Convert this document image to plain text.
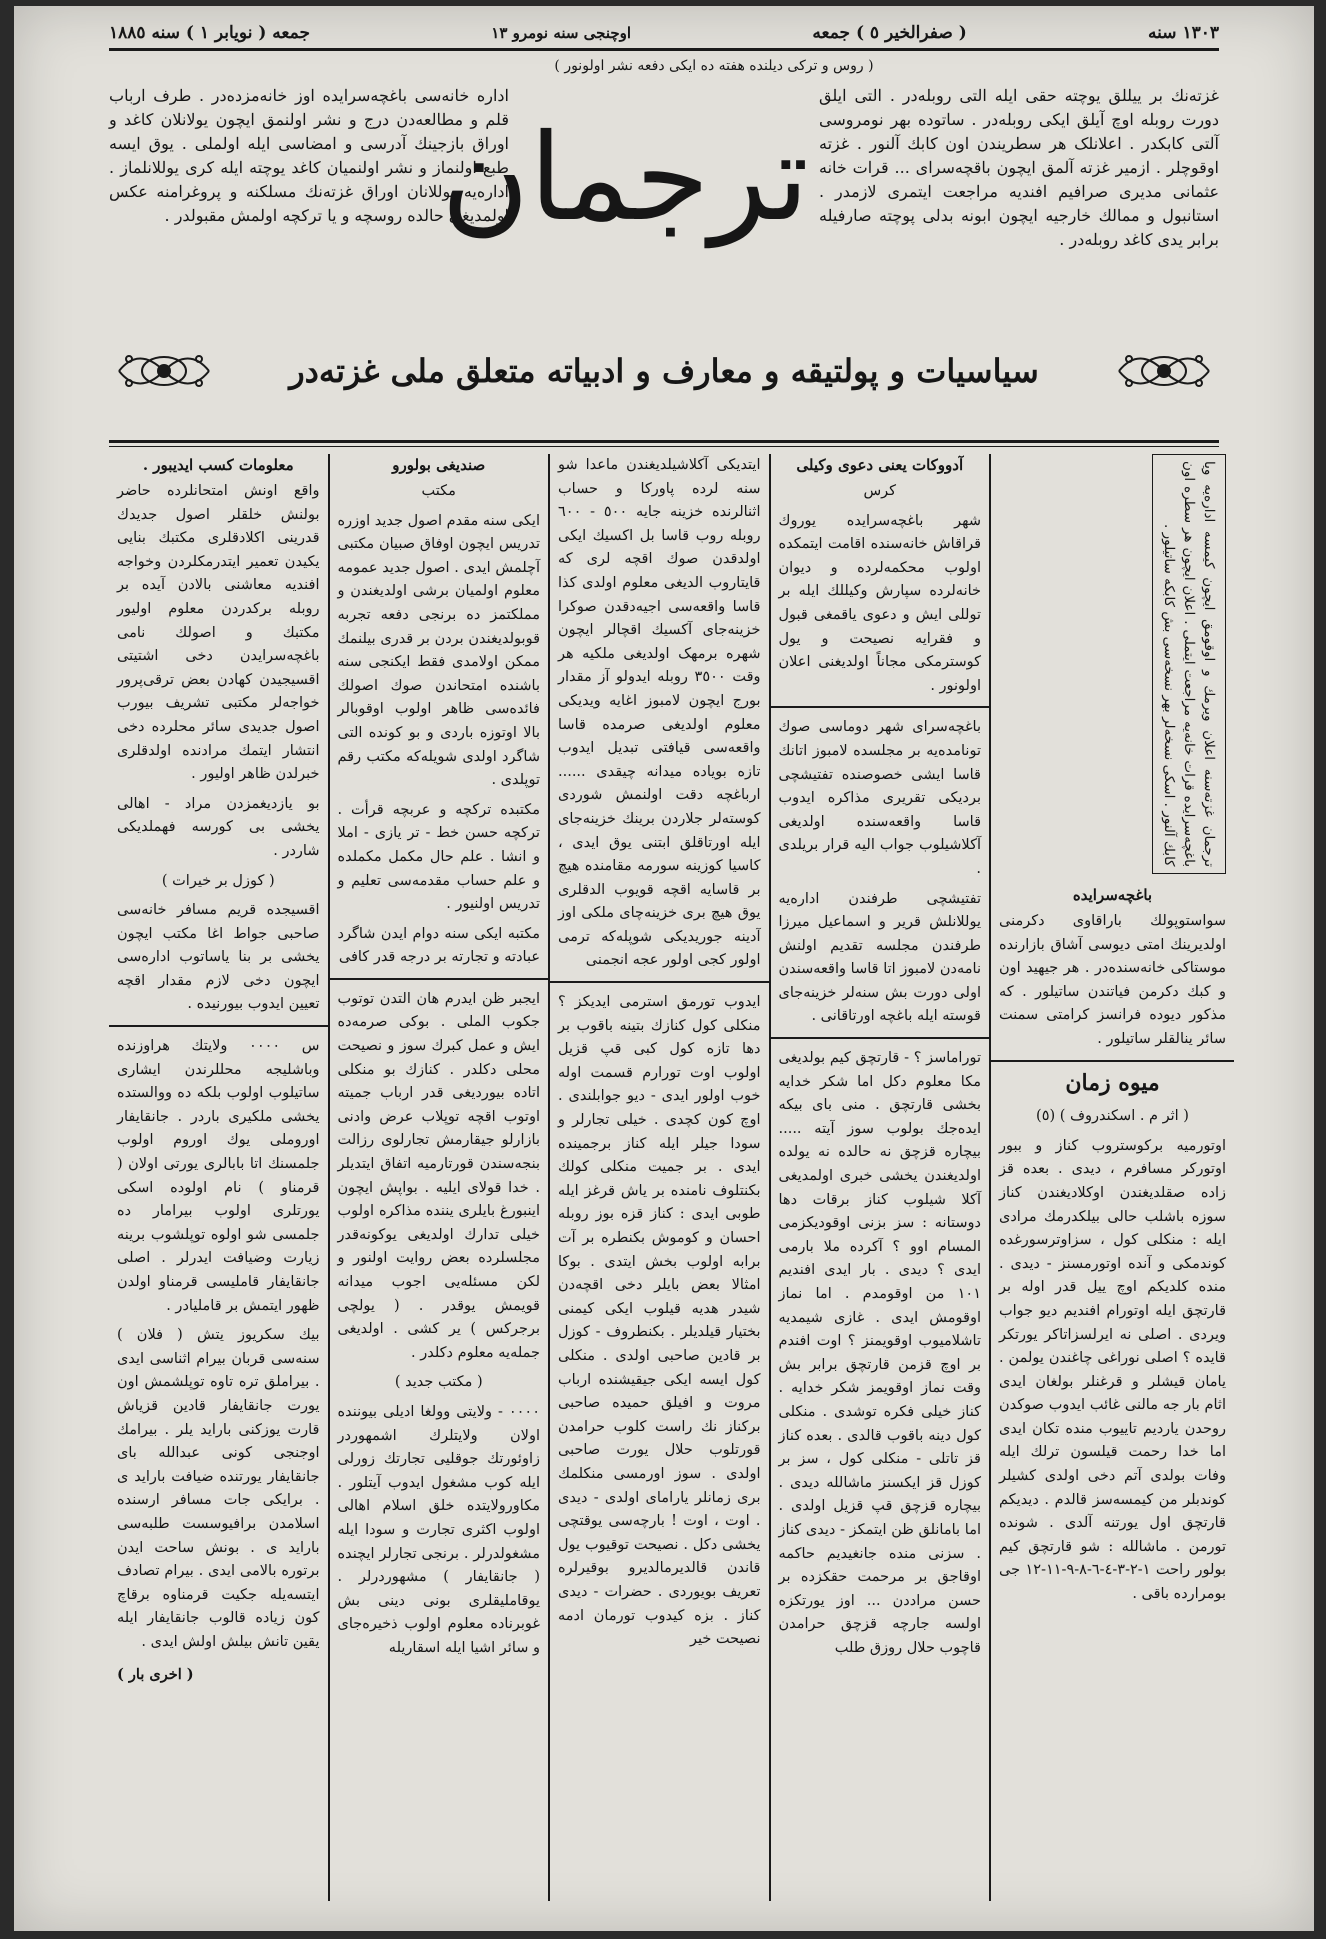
١٣٠٣ سنه
( صفرالخير ٥ ) جمعه
اوچنجی سنه نومرو ١٣
جمعه ( نويابر ١ ) سنه ١٨٨٥
( روس و ترکی دیلنده هفته ده ایکی دفعه نشر اولونور )
غزته‌نك بر ییللق یوچته حقی ایله التی روبله‌در . التی ایلق دورت روبله اوچ آیلق ایکی روبله‌در . ساتوده بهر نومروسی آلتی کابکدر . اعلانلک هر سطریندن اون کابك آلنور . غزته اوقوچلر . ازمیر غزته آلمق ایچون باقچه‌سرای ... قرات خانه عثمانی مدیری صرافیم افندیه مراجعت ایتمری لازمدر . استانبول و ممالك خارجیه ایچون ابونه بدلی پوچته صارفیله برابر یدی کاغد روبله‌در .
ترجمان
اداره خانه‌سی باغچه‌سرایده اوز خانه‌مزده‌در . طرف ارباب قلم و مطالعه‌دن درج و نشر اولنمق ایچون یولانلان کاغد و اوراق بازجینك آدرسی و امضاسی ایله اولملی . یوق ایسه طبع اولنماز و نشر اولنمیان کاغد یوچته ایله کری یوللانلماز . اداره‌یه یوللانان اوراق غزته‌نك مسلکنه و پروغرامنه عکس اولمدیغی حالده روسچه و یا ترکچه اولمش مقبولدر .
سیاسیات و پولتیقه و معارف و ادبیاته متعلق ملی غزته‌در
ترجمان غزته‌سنه اعلان ویرمك و اوقومق ایچون کیمسه اداره‌یه ویا باغچه‌سرایده قرات خانه‌یه مراجعت ایتملی . اعلان ایچون هر سطره اون کابك آلنور . اسکی نسخه‌لر بهر نسخه‌سی بش کابکه ساتیلور .
باغچه‌سرایده

سواستوپولك باراقاوی دکرمنی اولدیرینك امتی دیوسی آشاق بازارنده موستاکی خانه‌سنده‌در . هر جیهید اون و کبك دکرمن فیاتندن ساتیلور . که مذکور دیوده فرانسز کرامتی سمنت سائر ینالقلر ساتیلور .

میوه زمان
( اثر م . اسکندروف ) (٥)

اوتورمیه برکوستروب کناز و ببور اوتورکر مسافرم ، دیدی . بعده قز زاده صقلدیغندن اوکلادیغندن کناز سوزه باشلب حالی بیلکدرمك مرادی ایله : منکلی کول ، سزاوترسورغده کوندمکی و آنده اوتورمسنز - دیدی . منده کلدیکم اوچ ییل قدر اوله بر قارتچق ایله اوتورام افندیم دیو جواب ویردی . اصلی نه‌ ایرلسزاتاکر یورتکر قایده ؟ اصلی نوراغی چاغندن یولمن . یامان قیشلر و قرغنلر بولغان ایدی اثام بار جه مالنی غائب ایدوب صوکدن روحدن یاردیم تاییوب منده تکان ایدی اما خدا رحمت قیلسون ترلك ایله وفات بولدی آتم دخی اولدی کشیلر کوندبلر من کیمسه‌سز قالدم . دیدیکم قارتچق اول یورتنه آلدی . شونده تورمن . ماشالله : شو قارتچق کیم بولور راحت ١-٢-٣-٤-٦-٨-٩-١١-١٢ جی بومرارده باقی .

آدووکات یعنی دعوی وکیلی
کرس

شهر باغچه‌سرایده یوروك قراقاش خانه‌سنده اقامت ایتمکده اولوب محکمه‌لرده و دیوان خانه‌لرده سپارش وکیللك ایله بر توللی ایش و دعوی یاقمغی قبول و فقرایه نصیحت و یول کوسترمکی مجاناً اولدیغنی اعلان اولونور .

باغچه‌سرای شهر دوماسی صوك تونامده‌یه بر مجلسده لامبوز اتانك قاسا ایشی خصوصنده تفتیشچی بردیکی تقریری مذاکره ایدوب قاسا واقعه‌سنده اولدیغی آکلاشیلوب جواب الیه قرار بریلدی .

تفتیشچی طرفندن اداره‌یه یوللانلش قریر و اسماعیل میرزا طرفندن مجلسه تقدیم اولنش نامه‌دن لامبوز اتا قاسا واقعه‌سندن اولی دورت بش سنه‌لر خزینه‌جای قوسته ایله باغچه اورتاقانی .

توراماسز ؟ - قارتچق کیم بولدیغی مکا معلوم دکل اما شکر خدایه بخشی قارتچق . منی بای بیکه ایده‌جك بولوب سوز آیته ..... بیچاره قزچق نه حالده نه یولده اولدیغندن یخشی خبری اولمدیغی آکلا شیلوب کناز برقات دها دوستانه : سز بزنی اوقودیکزمی المسام اوو ؟ آکرده ملا بارمی ایدی ؟ دیدی . بار ایدی افندیم ١٠١ من اوقومدم . اما نماز اوقومش ایدی . غازی شیمدیه تاشلامیوب اوقویمنز ؟ اوت افندم بر اوچ قزمن قارتچق برابر بش وقت نماز اوقویمز شکر خدایه . کناز خیلی فکره توشدی . منکلی کول دینه باقوب قالدی . بعده کناز قز تاتلی - منکلی کول ، سز بر کوزل قز ایکسنز ماشالله دیدی . بیچاره قزچق قپ قزیل اولدی . اما بامانلق ظن ایتمکز - دیدی کناز . سزنی منده جانغیدیم حاکمه اوقاجق بر مرحمت حقکزده بر حسن مراددن ... اوز یورتکزه اولسه جارچه قزچق حرامدن قاچوب حلال روزق طلب

ایتدیکی آکلاشیلدیغندن ماعدا شو سنه لرده پاورکا و حساب اثنالرنده خزینه جایه ٥٠٠ - ٦٠٠ روبله روب قاسا بل اکسیك ایکی اولدقدن صوك اقچه لری که قایتاروب الدیغی معلوم اولدی کذا قاسا واقعه‌سی اجیه‌دقدن صوکرا خزینه‌جای آکسیك اقچالر ایچون شهره برمهک اولدیغی ملکیه هر وقت ٣٥٠٠ روبله ایدولو آز مقدار بورج ایچون لامبوز اغایه ویدیکی معلوم اولدیغی صرمده قاسا واقعه‌سی قیافتی تبدیل ایدوب تازه بویاده میدانه چیقدی ...... ارباغچه دقت اولنمش شوردی کوسته‌لر جلاردن برینك خزینه‌جای ایله اورتاقلق ابتنی یوق ایدی ، کاسیا کوزینه سورمه مقامنده هیچ بر قاسایه اقچه قویوب الدقلری یوق هیچ بری خزینه‌چای ملکی اوز آدینه جوریدیکی شوپله‌که ترمی اولور کجی اولور عجه انجمنی

ایدوب تورمق استرمی ایدیکز ؟ منکلی کول کنازك بتینه باقوب بر دها تازه کول کبی قپ قزیل اولوب اوت تورارم قسمت اوله خوب اولور ایدی - دیو جوابلندی . اوچ کون کچدی . خیلی تجارلر و سودا جیلر ایله کناز برجمینده ایدی . بر جمیت منکلی کولك بکنتلوف نامنده بر یاش قرغز ایله طوبی ایدی : کناز قزه بوز روبله احسان و کوموش بکنطره بر آت برابه اولوب بخش ایتدی . بوکا امثالا بعض بایلر دخی اقچه‌دن شیدر هدیه قیلوب ایکی کیمنی بختیار قیلدیلر . بکنطروف - کوزل بر قادین صاحبی اولدی . منکلی کول ایسه ایکی جیقیشنده ارباب مروت و افیلق حمیده صاحبی برکناز نك راست کلوب حرامدن قورتلوب حلال یورت صاحبی اولدی . سوز اورمسی منکلمك بری زمانلر یارامای اولدی - دیدی . اوت ، اوت ! بارچه‌سی یوقتچی یخشی دکل . نصیحت توقیوب یول قاندن قالدیرمالدیرو بوقیرلره تعریف بویوردی . حضرات - دیدی کناز . بزه کیدوب تورمان ادمه نصیحت خیر

صندیغی بولورو
مکتب

ایکی سنه مقدم اصول جدید اوزره تدریس ایچون اوفاق صبیان مکتبی آچلمش ایدی . اصول جدید عمومه معلوم اولمیان برشی اولدیغندن و مملکتمز ده برنجی دفعه تجربه قوبولدیغندن بردن بر قدری بیلنمك ممکن اولامدی فقط ایکنجی سنه باشنده امتحاندن صوك اصولك فائده‌سی ظاهر اولوب اوقوبالر بالا اوتوزه باردی و بو کونده التی شاگرد اولدی شویله‌که مکتب رقم توپلدی .

مکتبده ترکچه و عربچه قرأت . ترکچه حسن خط - تر یازی - املا و انشا . علم حال مکمل مکملده و علم حساب مقدمه‌سی تعلیم و تدریس اولنیور .

مکتبه ایکی سنه دوام ایدن شاگرد عبادته و تجارته بر درجه قدر کافی

ایجبر ظن ایدرم هان التدن توتوب جکوب الملی . بوکی صرمه‌ده ایش و عمل کبرك سوز و نصیحت محلی دکلدر . کنازك بو منکلی اتاده بیوردیغی قدر ارباب جمیته اوتوب اقچه توپلاب عرض وادنی بازارلو جیقارمش تجارلوی رزالت بنجه‌سندن قورتارمیه اتفاق ایتدیلر . خدا قولای ایلیه . بواپش ایچون اینبورغ بایلری یننده مذاکره اولوب خیلی تدارك اولدیغی یوکونه‌قدر مجلسلرده بعض روایت اولنور و لکن مسئله‌یی اجوب میدانه قویمش یوقدر . ( یولچی برجرکس ) یر کشی . اولدیغی جمله‌یه معلوم دکلدر .

( مکتب جدید )

٠٠٠٠ - ولایتی وولغا ادیلی بیوننده اولان ولایتلرك اشمهوردر زاوئورتك جوقلیی تجارتك زورلی ایله کوب مشغول ایدوب آیتلور . مکاورولایتده خلق اسلام اهالی اولوب اکثری تجارت و سودا ایله مشغولدرلر . برنجی تجارلر ایچنده ( جانقایفار ) مشهوردرلر . یوقاملیقلری بونی دینی بش غوبرناده معلوم اولوب ذخیره‌جای و سائر اشیا ایله اسقاریله

معلومات کسب ایدیبور .

واقع اونش امتحانلرده حاضر بولنش خلقلر اصول جدیدك قدرینی اکلادقلری مکتبك بنایی یکیدن تعمیر ایتدرمکلردن وخواجه افندیه معاشنی بالادن آیده بر روبله برکدردن معلوم اولیور مکتبك و اصولك نامی باغچه‌سرایدن دخی اشتیتی اقسیجیدن کهادن بعض ترقی‌پرور خواجه‌لر مکتبی تشریف بیورب اصول جدیدی سائر محلرده دخی انتشار ایتمك مرادنده اولدقلری خبرلدن ظاهر اولیور .

بو یازدیغمزدن مراد - اهالی یخشی بی کورسه فهملدیکی شاردر .

( کوزل بر خیرات )

اقسیجده قریم مسافر خانه‌سی صاحبی جواط اغا مکتب ایچون یخشی بر بنا یاساتوب اداره‌سی ایچون دخی لازم مقدار اقچه تعیین ایدوب بیورنیده .

س ٠٠٠٠ ولایتك هراوزنده وباشلیجه محللرندن ایشاری ساتیلوب اولوب بلکه ده ووالستده یخشی ملکیری باردر . جانقایفار اوروملی یوك اوروم اولوب جلمسنك اتا بابالری یورتی اولان ( قرمناو ) نام اولوده اسکی یورتلری اولوب بیرامار ده جلمسی شو اولوه توپلشوب برینه زیارت وضیافت ایدرلر . اصلی جانقایفار قاملیسی قرمناو اولدن ظهور ایتمش بر قاملیادر .

بیك سکریوز یتش ( فلان ) سنه‌سی قربان بیرام اثناسی ایدی . بیراملق تره تاوه توپلشمش اون یورت جانقایفار قادین قزیاش قارت یوزکنی باراید یلر . بیرامك اوجنجی کونی عبدالله بای جانقایفار یورتنده ضیافت باراید ی . برایکی جات مسافر ارسنده اسلامدن برافیوسست طلبه‌سی باراید ی . بونش ساحت ایدن برتوره بالامی ایدی . بیرام تصادف ایتسه‌یله جکیت قرمناوه برقاچ کون زیاده قالوب جانقایفار ایله یقین تانش بیلش اولش ایدی .

( اخری بار )
